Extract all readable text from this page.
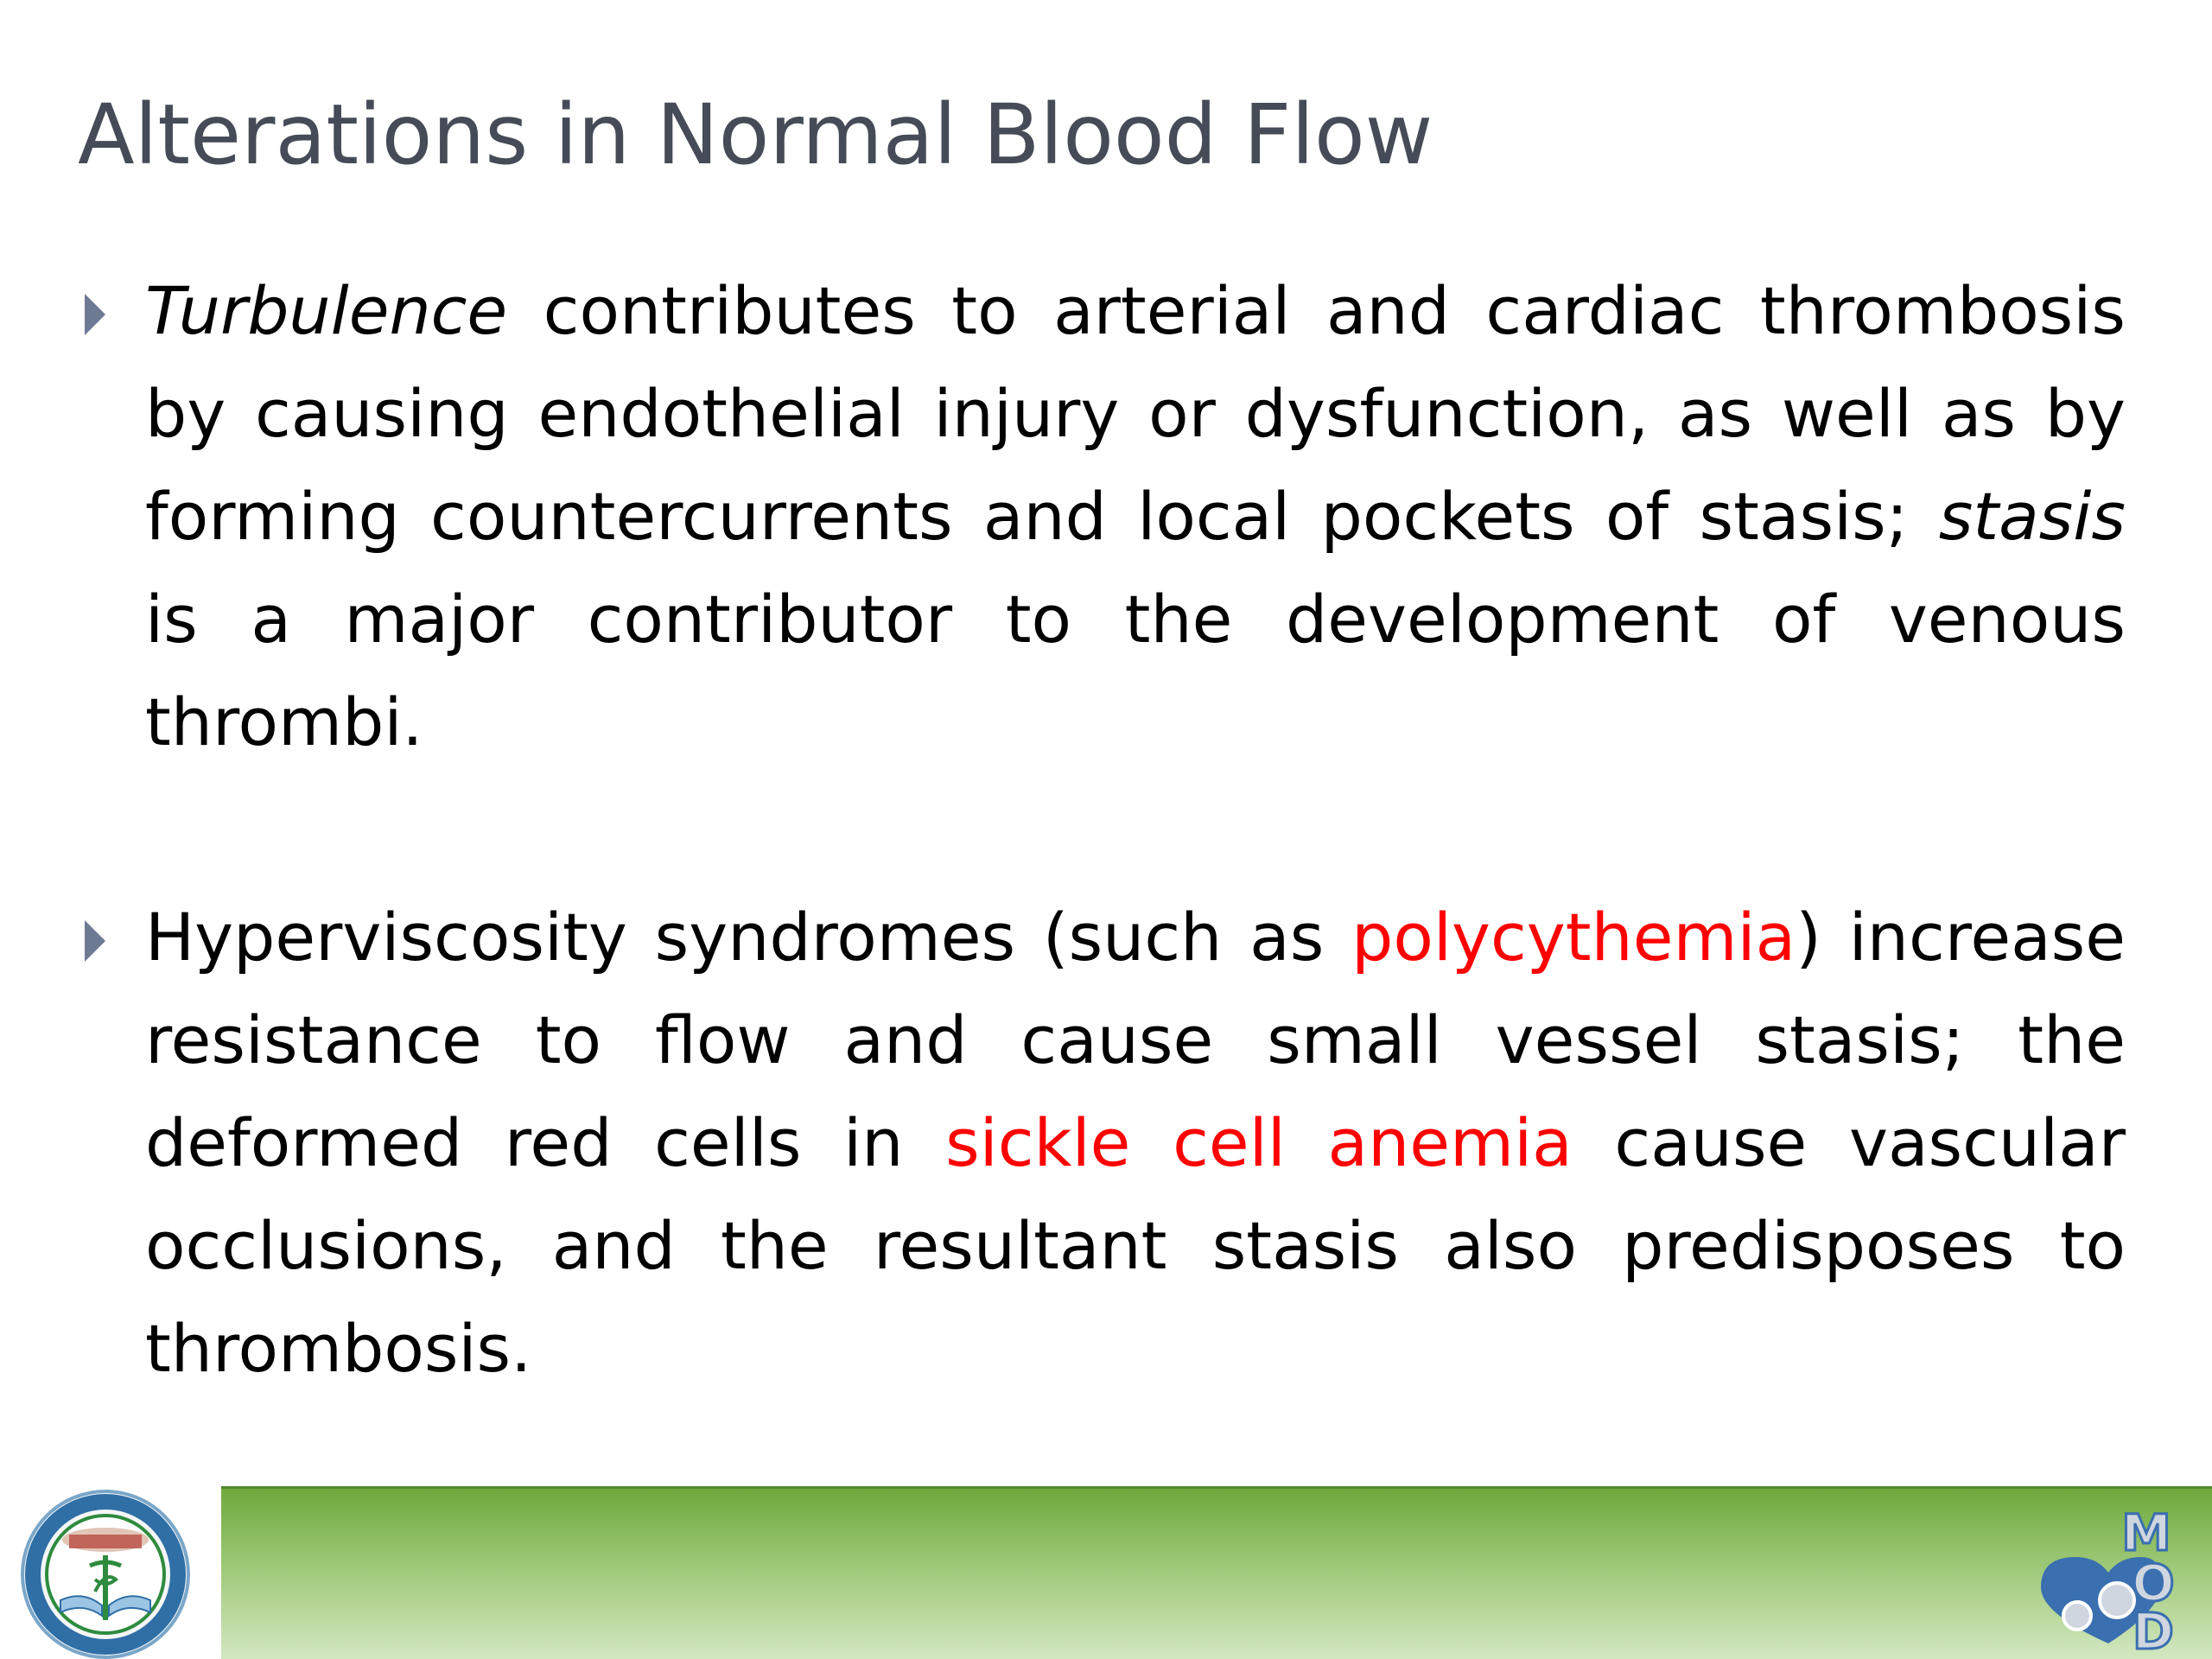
Alterations in Normal Blood Flow

Turbulence contributes to arterial and cardiac thrombosis by causing endothelial injury or dysfunction, as well as by forming countercurrents and local pockets of stasis; stasis is a major contributor to the development of venous thrombi.

Hyperviscosity syndromes (such as polycythemia) increase resistance to flow and cause small vessel stasis; the deformed red cells in sickle cell anemia cause vascular occlusions, and the resultant stasis also predisposes to thrombosis.

M
O
D
